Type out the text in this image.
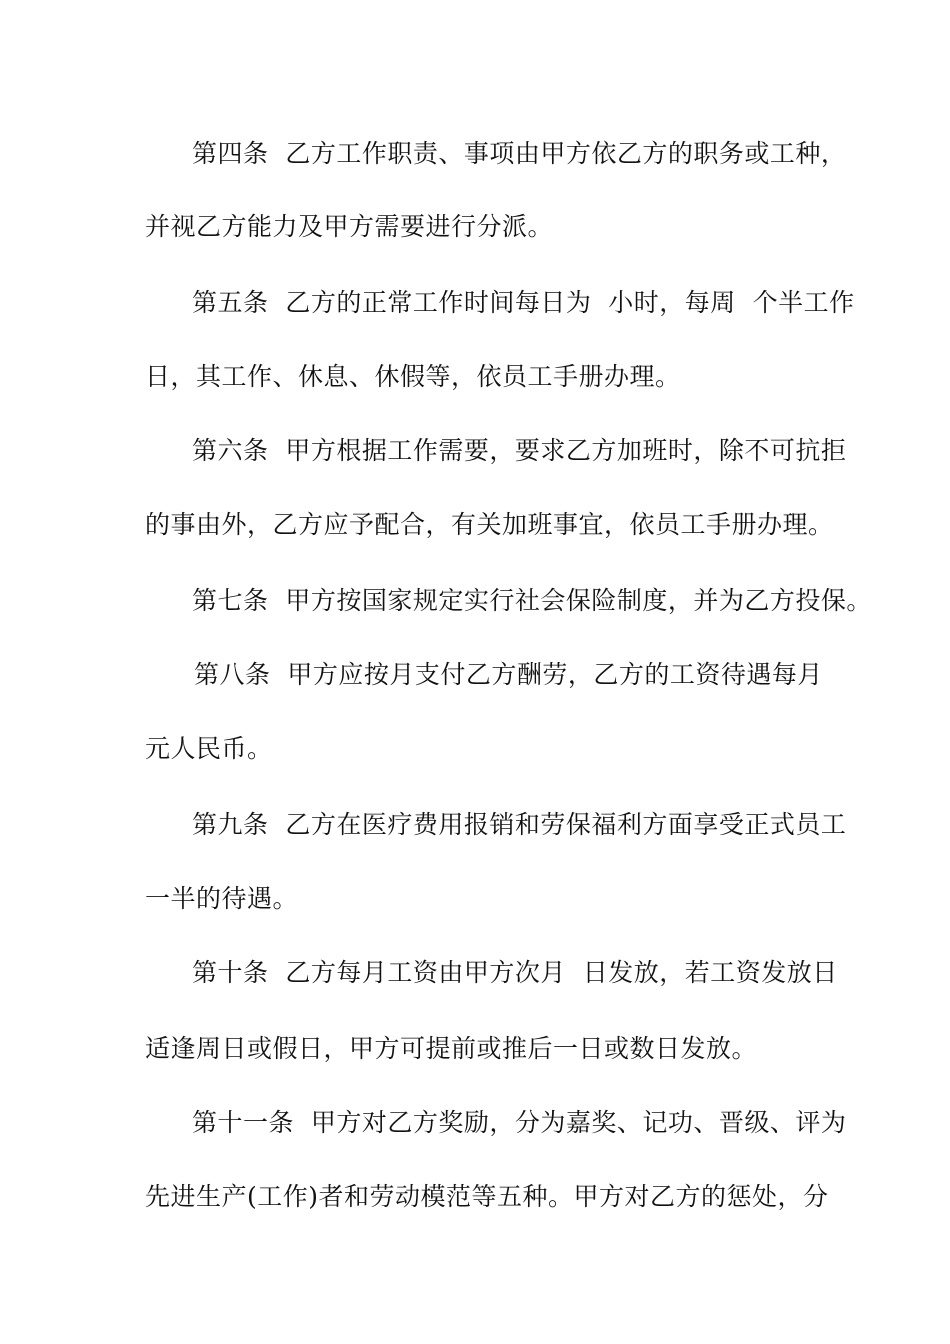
第四条  乙方工作职责、事项由甲方依乙方的职务或工种，
并视乙方能力及甲方需要进行分派。
第五条  乙方的正常工作时间每日为  小时，每周  个半工作
日，其工作、休息、休假等，依员工手册办理。
第六条  甲方根据工作需要，要求乙方加班时，除不可抗拒
的事由外，乙方应予配合，有关加班事宜，依员工手册办理。
第七条  甲方按国家规定实行社会保险制度，并为乙方投保。
第八条  甲方应按月支付乙方酬劳，乙方的工资待遇每月
元人民币。
第九条  乙方在医疗费用报销和劳保福利方面享受正式员工
一半的待遇。
第十条  乙方每月工资由甲方次月  日发放，若工资发放日
适逢周日或假日，甲方可提前或推后一日或数日发放。
第十一条  甲方对乙方奖励，分为嘉奖、记功、晋级、评为
先进生产(工作)者和劳动模范等五种。甲方对乙方的惩处，分
